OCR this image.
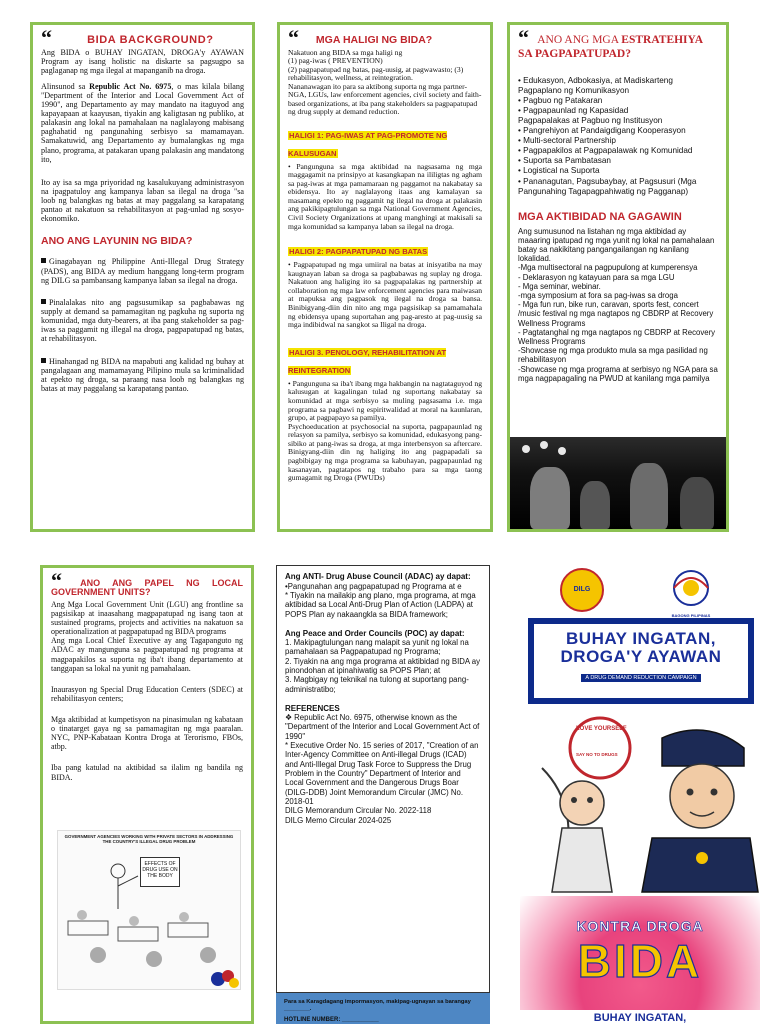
“	BIDA BACKGROUND?

Ang BIDA o BUHAY INGATAN, DROGA'y AYAWAN Program ay isang holistic na diskarte sa pagsugpo sa paglaganap ng mga ilegal at mapanganib na droga.

Alinsunod sa Republic Act No. 6975, o mas kilala bilang "Department of the Interior and Local Government Act of 1990", ang Departamento ay may mandato na itaguyod ang kapayapaan at kaayusan, tiyakin ang kaligtasan ng publiko, at palakasin ang lokal na pamahalaan na naglalayong mabisang paghahatid ng pangunahing serbisyo sa mamamayan. Samakatuwid, ang Departamento ay bumalangkas ng mga plano, programa, at patakaran upang palakasin ang mandatong ito,

Ito ay isa sa mga priyoridad ng kasalukuyang administrasyon na ipagpatuloy ang kampanya laban sa ilegal na droga "sa loob ng balangkas ng batas at may paggalang sa karapatang pantao at nakatuon sa rehabilitasyon at pag-unlad ng sosyo-ekonomiko.

ANO ANG LAYUNIN NG BIDA?

Ginagabayan ng Philippine Anti-Illegal Drug Strategy (PADS), ang BIDA ay medium hanggang long-term program ng DILG sa pambansang kampanya laban sa ilegal na droga.

Pinalalakas nito ang pagsusumikap sa pagbabawas ng supply at demand sa pamamagitan ng pagkuha ng suporta ng komunidad, mga duty-bearers, at iba pang stakeholder sa pag-iwas sa paggamit ng illegal na droga, pagpapatupad ng batas, at rehabilitasyon.

Hinahangad ng BIDA na mapabuti ang kalidad ng buhay at pangalagaan ang mamamayang Pilipino mula sa kriminalidad at epekto ng droga, sa paraang nasa loob ng balangkas ng batas at may paggalang sa karapatang pantao.

“ MGA HALIGI NG BIDA?
Nakatuon ang BIDA sa mga haligi ng
(1) pag-iwas ( PREVENTION)
(2) pagpapatupad ng batas, pag-uusig, at pagwawasto; (3) rehabilitasyon, wellness, at reintegration.
Nananawagan ito para sa aktibong suporta ng mga partner-NGA, LGUs, law enforcement agencies, civil society and faith-based organizations, at iba pang stakeholders sa pagpapatupad ng drug supply at demand reduction.
HALIGI 1: PAG-IWAS AT PAG-PROMOTE NG KALUSUGAN
• Pangunguna sa mga aktibidad na nagsasama ng mga maggagamit na prinsipyo at kasangkapan na ililigtas ng agham sa pag-iwas at mga pamamaraan ng paggamot na nakabatay sa ebidensya. Ito ay naglalayong itaas ang kamalayan sa masamang epekto ng paggamit ng ilegal na droga at palakasin ang pakikipagtulungan sa mga National Government Agencies, Civil Society Organizations at upang manghingi at makisali sa mga komunidad sa kampanya laban sa ilegal na droga.
HALIGI 2: PAGPAPATUPAD NG BATAS
• Pagpapatupad ng mga umiiral na batas at inisyatiba na may kaugnayan laban sa droga sa pagbabawas ng suplay ng droga. Nakatuon ang haliging ito sa pagpapalakas ng partnership at collaboration ng mga law enforcement agencies para maiwasan at mapuksa ang pagpasok ng ilegal na droga sa bansa. Binibigyang-diin din nito ang mga pagsisikap sa pamamahala ng ebidensya upang suportahan ang pag-aresto at pag-uusig sa mga indibidwal na sangkot sa Iligal na droga.
HALIGI 3. PENOLOGY, REHABILITATION AT REINTEGRATION
• Pangunguna sa iba't ibang mga hakbangin na nagtataguyod ng kalusugan at kagalingan tulad ng suportang nakabatay sa komunidad at mga serbisyo sa muling pagsasama i.e. mga programa sa pagbawi ng espiritwalidad at moral na kaunlaran, grupo, at pagpapayo sa pamilya.
Psychoeducation at psychosocial na suporta, pagpapaunlad ng relasyon sa pamilya, serbisyo sa komunidad, edukasyong pang-sibiko at pang-iwas sa droga, at mga interbensyon sa aftercare. Binigyang-diin din ng haliging ito ang pagpapadali sa pagbibigay ng mga programa sa kabuhayan, pagpapaunlad ng kasanayan, pagtatapos ng trabaho para sa mga taong gumagamit ng Droga (PWUDs)
“ ANO ANG MGA ESTRATEHIYA SA PAGPAPATUPAD?
• Edukasyon, Adbokasiya, at Madiskarteng Pagpaplano ng Komunikasyon
• Pagbuo ng Patakaran
• Pagpapaunlad ng Kapasidad
Pagpapalakas at Pagbuo ng Institusyon
• Pangrehiyon at Pandaigdigang Kooperasyon
• Multi-sectoral Partnership
• Pagpapakilos at Pagpapalawak ng Komunidad
• Suporta sa Pambatasan
• Logistical na Suporta
• Pananagutan, Pagsubaybay, at Pagsusuri (Mga Pangunahing Tagapagpahiwatig ng Pagganap)
MGA AKTIBIDAD NA GAGAWIN
Ang sumusunod na listahan ng mga aktibidad ay maaaring ipatupad ng mga yunit ng lokal na pamahalaan batay sa nakikitang pangangailangan ng kanilang lokalidad.
-Mga multisectoral na pagpupulong at kumperensya
- Deklarasyon ng katayuan para sa mga LGU
- Mga seminar, webinar.
-mga symposium at fora sa pag-iwas sa droga
- Mga fun run, bike run, caravan, sports fest, concert /music festival ng mga nagtapos ng CBDRP at Recovery Wellness Programs
- Pagtatanghal ng mga nagtapos ng CBDRP at Recovery Wellness Programs
-Showcase ng mga produkto mula sa mga pasilidad ng rehabilitasyon
-Showcase ng mga programa at serbisyo ng NGA para sa mga nagpapagaling na PWUD at kanilang mga pamilya
“ ANO ANG PAPEL NG LOCAL GOVERNMENT UNITS?

Ang Mga Local Government Unit (LGU) ang frontline sa pagsisikap at inaasahang magpapatupad ng isang taon at sustained programs, projects and activities na nakatuon sa operationalization at pagpapatupad ng BIDA programs

Ang mga Local Chief Executive ay ang Tagapanguto ng ADAC ay mangunguna sa pagpapatupad ng programa at magpapakilos sa suporta ng iba't ibang departamento at tanggapan sa lokal na yunit ng pamahalaan.

Inaurasyon ng Special Drug Education Centers (SDEC) at rehabilitasyon centers;

Mga aktibidad at kumpetisyon na pinasimulan ng kabataan o tinatarget gaya ng sa pamamagitan ng mga paaralan. NYC, PNP-Kabataan Kontra Droga at Terorismo, FBOs, atbp.

Iba pang katulad na aktibidad sa ilalim ng bandila ng BIDA.

GOVERNMENT AGENCIES WORKING WITH PRIVATE SECTORS IN ADDRESSING THE COUNTRY'S ILLEGAL DRUG PROBLEM
EFFECTS OF DRUG USE ON THE BODY
Ang ANTI- Drug Abuse Council (ADAC) ay dapat:
•Pangunahan ang pagpapatupad ng Programa at e
* Tiyakin na mailakip ang plano, mga programa, at mga aktibidad sa Local Anti-Drug Plan of Action (LADPA) at POPS Plan ay nakaangkla sa BIDA framework;
Ang Peace and Order Councils (POC) ay dapat:
1. Makipagtulungan nang malapit sa yunit ng lokal na pamahalaan sa Pagpapatupad ng Programa;
2. Tiyakin na ang mga programa at aktibidad ng BIDA ay pinondohan at ipinahiwatig sa POPS Plan; at
3. Magbigay ng teknikal na tulong at suportang pang-administratibo;
REFERENCES
❖ Republic Act No. 6975, otherwise known as the "Department of the Interior and Local Government Act of 1990"
* Executive Order No. 15 series of 2017, "Creation of an Inter-Agency Committee on Anti-illegal Drugs (ICAD) and Anti-Illegal Drug Task Force to Suppress the Drug Problem in the Country" Department of Interior and Local Government and the Dangerous Drugs Boar
(DILG-DDB) Joint Memorandum Circular (JMC) No. 2018-01
DILG Memorandum Circular No. 2022-118
DILG Memo Circular 2024-025
Para sa Karagdagang impormasyon, makipag-ugnayan sa barangay ________.
HOTLINE NUMBER: ___________
DILG
BAGONG PILIPINAS
BUHAY INGATAN,
DROGA'Y AYAWAN
A DRUG DEMAND REDUCTION CAMPAIGN
LOVE YOURSELF
SAY NO TO DRUGS
KONTRA DROGA
BIDA
BUHAY INGATAN,
